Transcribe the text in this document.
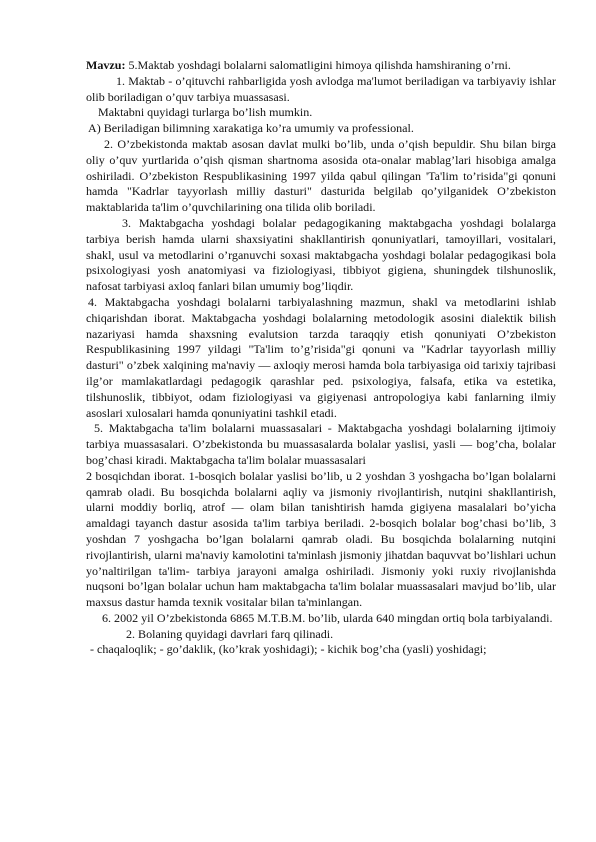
Mavzu: 5.Maktab yoshdagi bolalarni salomatligini himoya qilishda hamshiraning o’rni.

1. Maktab - o’qituvchi rahbarligida yosh avlodga ma'lumot beriladigan va tarbiyaviy ishlar olib boriladigan o’quv tarbiya muassasasi.

Maktabni quyidagi turlarga bo’lish mumkin.

A) Beriladigan bilimning xarakatiga ko’ra umumiy va professional.

2. O’zbekistonda maktab asosan davlat mulki bo’lib, unda o’qish bepuldir. Shu bilan birga oliy o’quv yurtlarida o’qish qisman shartnoma asosida ota-onalar mablag’lari hisobiga amalga oshiriladi. O’zbekiston Respublikasining 1997 yilda qabul qilingan 'Ta'lim to’risida"gi qonuni hamda "Kadrlar tayyorlash milliy dasturi" dasturida belgilab qo’yilganidek O’zbekiston maktablarida ta'lim o’quvchilarining ona tilida olib boriladi.

3. Maktabgacha yoshdagi bolalar pedagogikaning maktabgacha yoshdagi bolalarga tarbiya berish hamda ularni shaxsiyatini shakllantirish qonuniyatlari, tamoyillari, vositalari, shakl, usul va metodlarini o’rganuvchi soxasi maktabgacha yoshdagi bolalar pedagogikasi bola psixologiyasi yosh anatomiyasi va fiziologiyasi, tibbiyot gigiena, shuningdek tilshunoslik, nafosat tarbiyasi axloq fanlari bilan umumiy bog’liqdir.

4. Maktabgacha yoshdagi bolalarni tarbiyalashning mazmun, shakl va metodlarini ishlab chiqarishdan iborat. Maktabgacha yoshdagi bolalarning metodologik asosini dialektik bilish nazariyasi hamda shaxsning evalutsion tarzda taraqqiy etish qonuniyati O’zbekiston Respublikasining 1997 yildagi "Ta'lim to’g’risida"gi qonuni va "Kadrlar tayyorlash milliy dasturi" o’zbek xalqining ma'naviy — axloqiy merosi hamda bola tarbiyasiga oid tarixiy tajribasi ilg’or mamlakatlardagi pedagogik qarashlar ped. psixologiya, falsafa, etika va estetika, tilshunoslik, tibbiyot, odam fiziologiyasi va gigiyenasi antropologiya kabi fanlarning ilmiy asoslari xulosalari hamda qonuniyatini tashkil etadi.

5. Maktabgacha ta'lim bolalarni muassasalari - Maktabgacha yoshdagi bolalarning ijtimoiy tarbiya muassasalari. O’zbekistonda bu muassasalarda bolalar yaslisi, yasli — bog’cha, bolalar bog’chasi kiradi. Maktabgacha ta'lim bolalar muassasalari

2 bosqichdan iborat. 1-bosqich bolalar yaslisi bo’lib, u 2 yoshdan 3 yoshgacha bo’lgan bolalarni qamrab oladi. Bu bosqichda bolalarni aqliy va jismoniy rivojlantirish, nutqini shakllantirish, ularni moddiy borliq, atrof — olam bilan tanishtirish hamda gigiyena masalalari bo’yicha amaldagi tayanch dastur asosida ta'lim tarbiya beriladi. 2-bosqich bolalar bog’chasi bo’lib, 3 yoshdan 7 yoshgacha bo’lgan bolalarni qamrab oladi. Bu bosqichda bolalarning nutqini rivojlantirish, ularni ma'naviy kamolotini ta'minlash jismoniy jihatdan baquvvat bo’lishlari uchun yo’naltirilgan ta'lim- tarbiya jarayoni amalga oshiriladi. Jismoniy yoki ruxiy rivojlanishda nuqsoni bo’lgan bolalar uchun ham maktabgacha ta'lim bolalar muassasalari mavjud bo’lib, ular maxsus dastur hamda texnik vositalar bilan ta'minlangan.

6. 2002 yil O’zbekistonda 6865 M.T.B.M. bo’lib, ularda 640 mingdan ortiq bola tarbiyalandi.

2. Bolaning quyidagi davrlari farq qilinadi.

- chaqaloqlik; - go’daklik, (ko’krak yoshidagi); - kichik bog’cha (yasli) yoshidagi;
